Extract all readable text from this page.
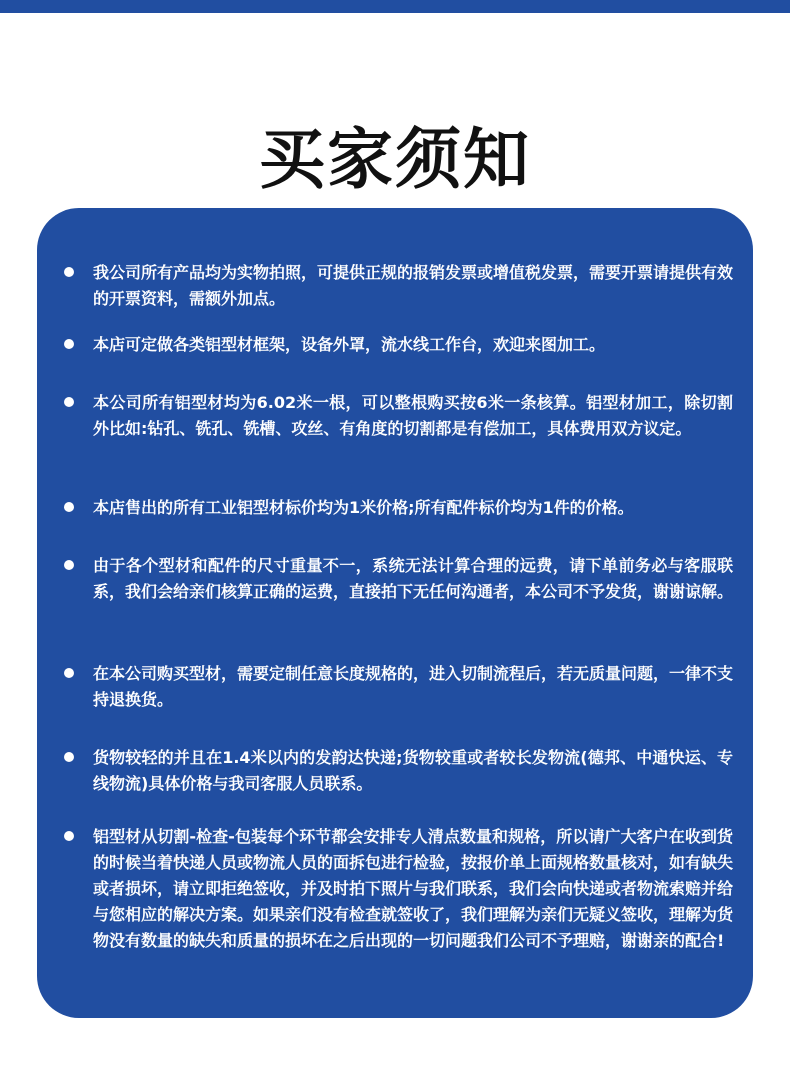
买家须知
我公司所有产品均为实物拍照，可提供正规的报销发票或增值税发票，需要开票请提供有效的开票资料，需额外加点。
本店可定做各类铝型材框架，设备外罩，流水线工作台，欢迎来图加工。
本公司所有铝型材均为6.02米一根，可以整根购买按6米一条核算。铝型材加工，除切割外比如:钻孔、铣孔、铣槽、攻丝、有角度的切割都是有偿加工，具体费用双方议定。
本店售出的所有工业铝型材标价均为1米价格;所有配件标价均为1件的价格。
由于各个型材和配件的尺寸重量不一，系统无法计算合理的远费，请下单前务必与客服联系，我们会给亲们核算正确的运费，直接拍下无任何沟通者，本公司不予发货，谢谢谅解。
在本公司购买型材，需要定制任意长度规格的，进入切制流程后，若无质量问题，一律不支持退换货。
货物较轻的并且在1.4米以内的发韵达快递;货物较重或者较长发物流(德邦、中通快运、专线物流)具体价格与我司客服人员联系。
铝型材从切割-检查-包装每个环节都会安排专人清点数量和规格，所以请广大客户在收到货的时候当着快递人员或物流人员的面拆包进行检验，按报价单上面规格数量核对，如有缺失或者损坏，请立即拒绝签收，并及时拍下照片与我们联系，我们会向快递或者物流索赔并给与您相应的解决方案。如果亲们没有检查就签收了，我们理解为亲们无疑义签收，理解为货物没有数量的缺失和质量的损坏在之后出现的一切问题我们公司不予理赔，谢谢亲的配合!
